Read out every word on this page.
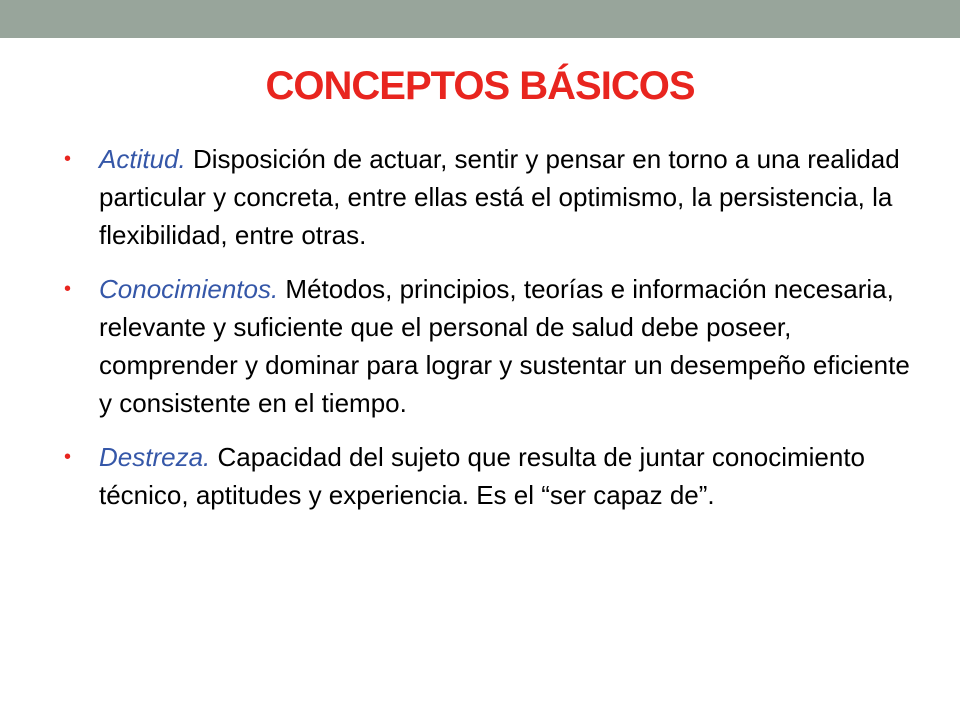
CONCEPTOS BÁSICOS
• Actitud. Disposición de actuar, sentir y pensar en torno a una realidad particular y concreta, entre ellas está el optimismo, la persistencia, la flexibilidad, entre otras.
• Conocimientos. Métodos, principios, teorías e información necesaria, relevante y suficiente que el personal de salud debe poseer, comprender y dominar para lograr y sustentar un desempeño eficiente y consistente en el tiempo.
• Destreza. Capacidad del sujeto que resulta de juntar conocimiento técnico, aptitudes y experiencia. Es el “ser capaz de”.
